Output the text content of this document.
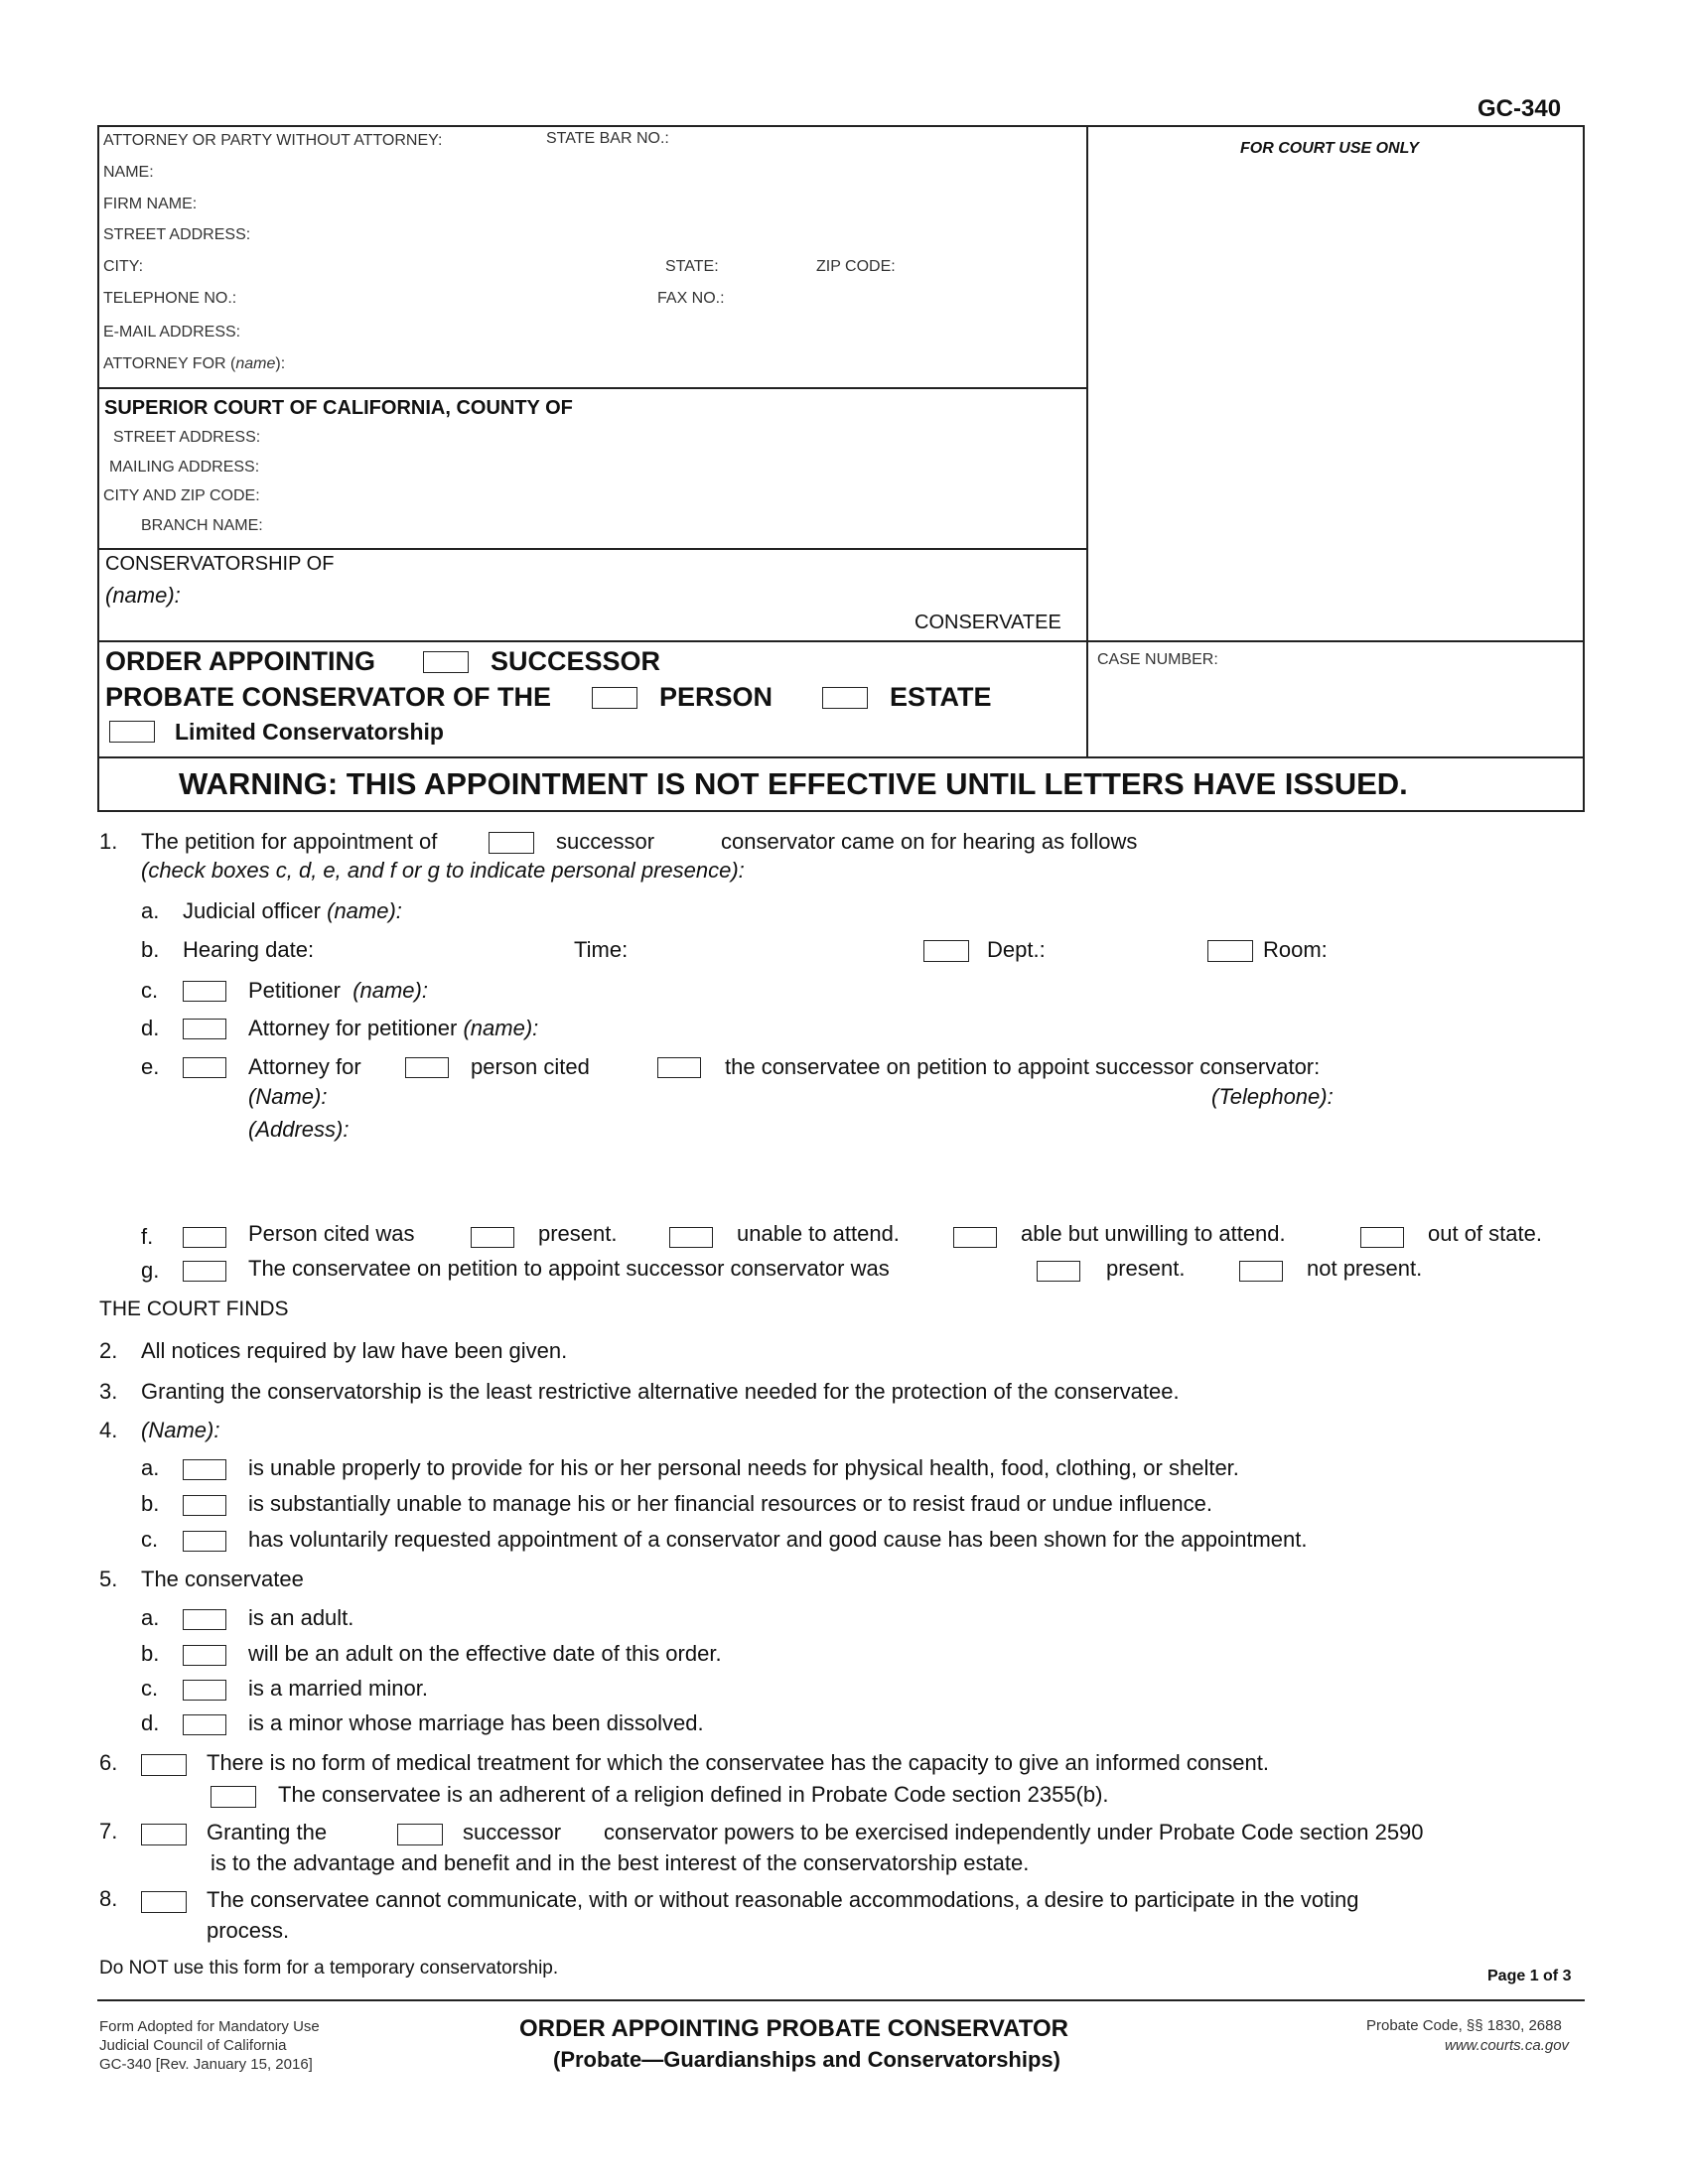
GC-340
ATTORNEY OR PARTY WITHOUT ATTORNEY:	STATE BAR NO.:
NAME:
FIRM NAME:
STREET ADDRESS:
CITY:	STATE:	ZIP CODE:
TELEPHONE NO.:	FAX NO.:
E-MAIL ADDRESS:
ATTORNEY FOR (name):
FOR COURT USE ONLY
SUPERIOR COURT OF CALIFORNIA, COUNTY OF
STREET ADDRESS:
MAILING ADDRESS:
CITY AND ZIP CODE:
BRANCH NAME:
CONSERVATORSHIP OF
(name):
CONSERVATEE
CASE NUMBER:
ORDER APPOINTING	SUCCESSOR
PROBATE CONSERVATOR OF THE	PERSON	ESTATE
Limited Conservatorship
WARNING: THIS APPOINTMENT IS NOT EFFECTIVE UNTIL LETTERS HAVE ISSUED.
1. The petition for appointment of	successor	conservator came on for hearing as follows
(check boxes c, d, e, and f or g to indicate personal presence):
a. Judicial officer (name):
b. Hearing date:	Time:	Dept.:	Room:
c.	Petitioner (name):
d.	Attorney for petitioner (name):
e.	Attorney for	person cited	the conservatee on petition to appoint successor conservator:
(Name):	(Telephone):
(Address):
f.	Person cited was	present.	unable to attend.	able but unwilling to attend.	out of state.
g.	The conservatee on petition to appoint successor conservator was	present.	not present.
THE COURT FINDS
2. All notices required by law have been given.
3. Granting the conservatorship is the least restrictive alternative needed for the protection of the conservatee.
4. (Name):
a.	is unable properly to provide for his or her personal needs for physical health, food, clothing, or shelter.
b.	is substantially unable to manage his or her financial resources or to resist fraud or undue influence.
c.	has voluntarily requested appointment of a conservator and good cause has been shown for the appointment.
5. The conservatee
a.	is an adult.
b.	will be an adult on the effective date of this order.
c.	is a married minor.
d.	is a minor whose marriage has been dissolved.
6.	There is no form of medical treatment for which the conservatee has the capacity to give an informed consent.
The conservatee is an adherent of a religion defined in Probate Code section 2355(b).
7.	Granting the	successor conservator powers to be exercised independently under Probate Code section 2590
is to the advantage and benefit and in the best interest of the conservatorship estate.
8.	The conservatee cannot communicate, with or without reasonable accommodations, a desire to participate in the voting
process.
Do NOT use this form for a temporary conservatorship.	Page 1 of 3
Form Adopted for Mandatory Use
Judicial Council of California
GC-340 [Rev. January 15, 2016]
ORDER APPOINTING PROBATE CONSERVATOR
(Probate—Guardianships and Conservatorships)
Probate Code, §§ 1830, 2688
www.courts.ca.gov
